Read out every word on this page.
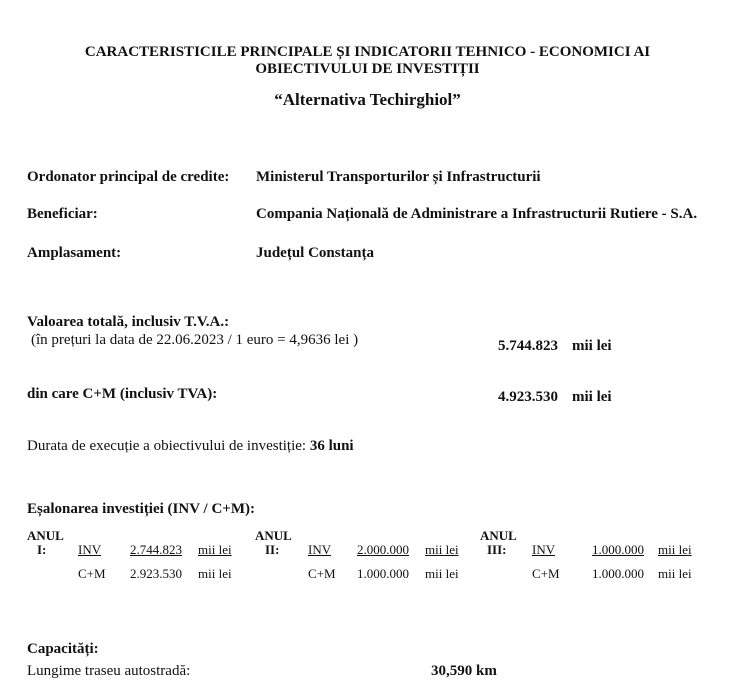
CARACTERISTICILE PRINCIPALE ȘI INDICATORII TEHNICO - ECONOMICI AI
OBIECTIVULUI DE INVESTIȚII
“Alternativa Techirghiol”
Ordonator principal de credite: Ministerul Transporturilor și Infrastructurii
Beneficiar:	Compania Națională de Administrare a Infrastructurii Rutiere - S.A.
Amplasament:	Județul Constanța
Valoarea totală, inclusiv T.V.A.:
(în prețuri la data de 22.06.2023 / 1 euro = 4,9636 lei )	5.744.823 mii lei
din care C+M (inclusiv TVA):	4.923.530 mii lei
Durata de execuție a obiectivului de investiție: 36 luni
Eșalonarea investiției (INV / C+M):
ANUL
I: INV 2.744.823 mii lei
C+M 2.923.530 mii lei
ANUL
II: INV 2.000.000 mii lei
C+M 1.000.000 mii lei
ANUL
III: INV	1.000.000 mii lei
C+M 1.000.000 mii lei
Capacități:
Lungime traseu autostradă:	30,590 km
